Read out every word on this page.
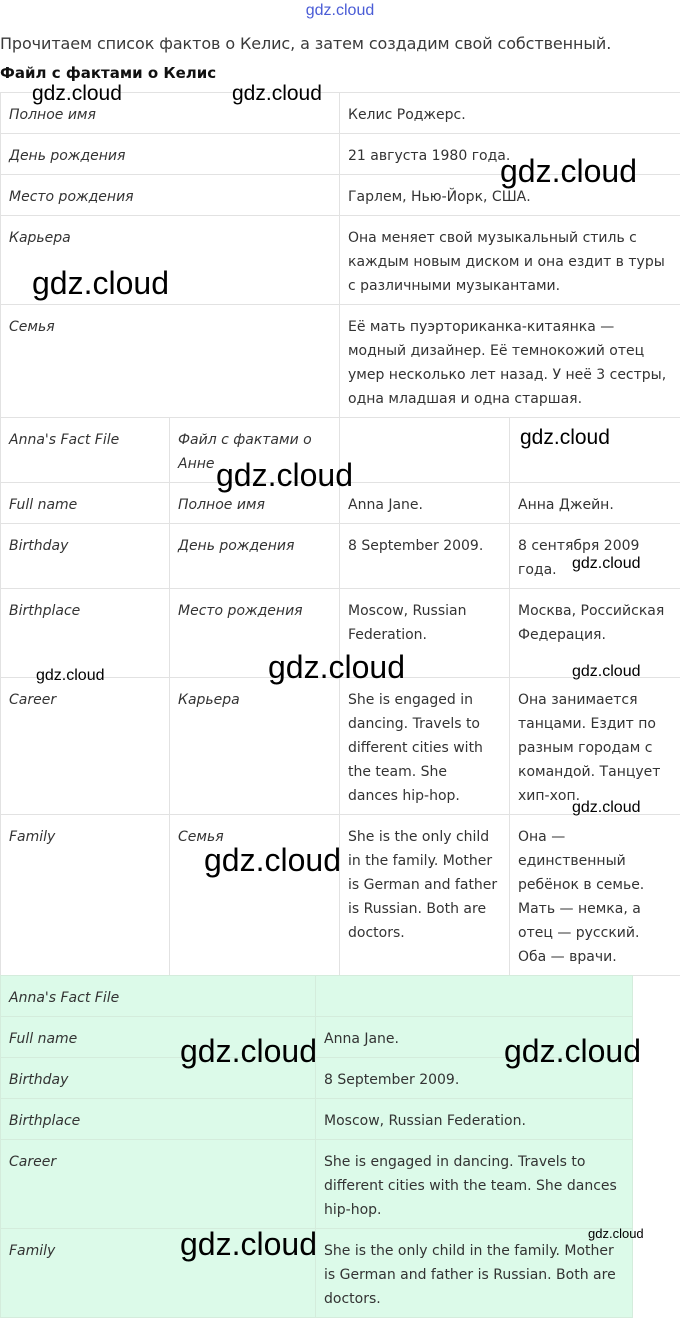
gdz.cloud
Прочитаем список фактов о Келис, а затем создадим свой собственный.
Файл с фактами о Келис
Полное имя	Келис Роджерс.
День рождения	21 августа 1980 года.
Место рождения	Гарлем, Нью-Йорк, США.
Карьера	Она меняет свой музыкальный стиль с каждым новым диском и она ездит в туры с различными музыкантами.
Семья	Её мать пуэрториканка-китаянка — модный дизайнер. Её темнокожий отец умер несколько лет назад. У неё 3 сестры, одна младшая и одна старшая.
Anna's Fact File	Файл с фактами о Анне		
Full name	Полное имя	Anna Jane.	Анна Джейн.
Birthday	День рождения	8 September 2009.	8 сентября 2009 года.
Birthplace	Место рождения	Moscow, Russian Federation.	Москва, Российская Федерация.
Career	Карьера	She is engaged in dancing. Travels to different cities with the team. She dances hip-hop.	Она занимается танцами. Ездит по разным городам с командой. Танцует хип-хоп.
Family	Семья	She is the only child in the family. Mother is German and father is Russian. Both are doctors.	Она — единственный ребёнок в семье. Мать — немка, а отец — русский. Оба — врачи.
Anna's Fact File	
Full name	Anna Jane.
Birthday	8 September 2009.
Birthplace	Moscow, Russian Federation.
Career	She is engaged in dancing. Travels to different cities with the team. She dances hip-hop.
Family	She is the only child in the family. Mother is German and father is Russian. Both are doctors.
gdz.cloud	gdz.cloud
gdz.cloud
gdz.cloud
gdz.cloud
gdz.cloud
gdz.cloud
gdz.cloud
gdz.cloud	gdz.cloud
gdz.cloud
gdz.cloud
gdz.cloud	gdz.cloud
gdz.cloud	gdz.cloud
